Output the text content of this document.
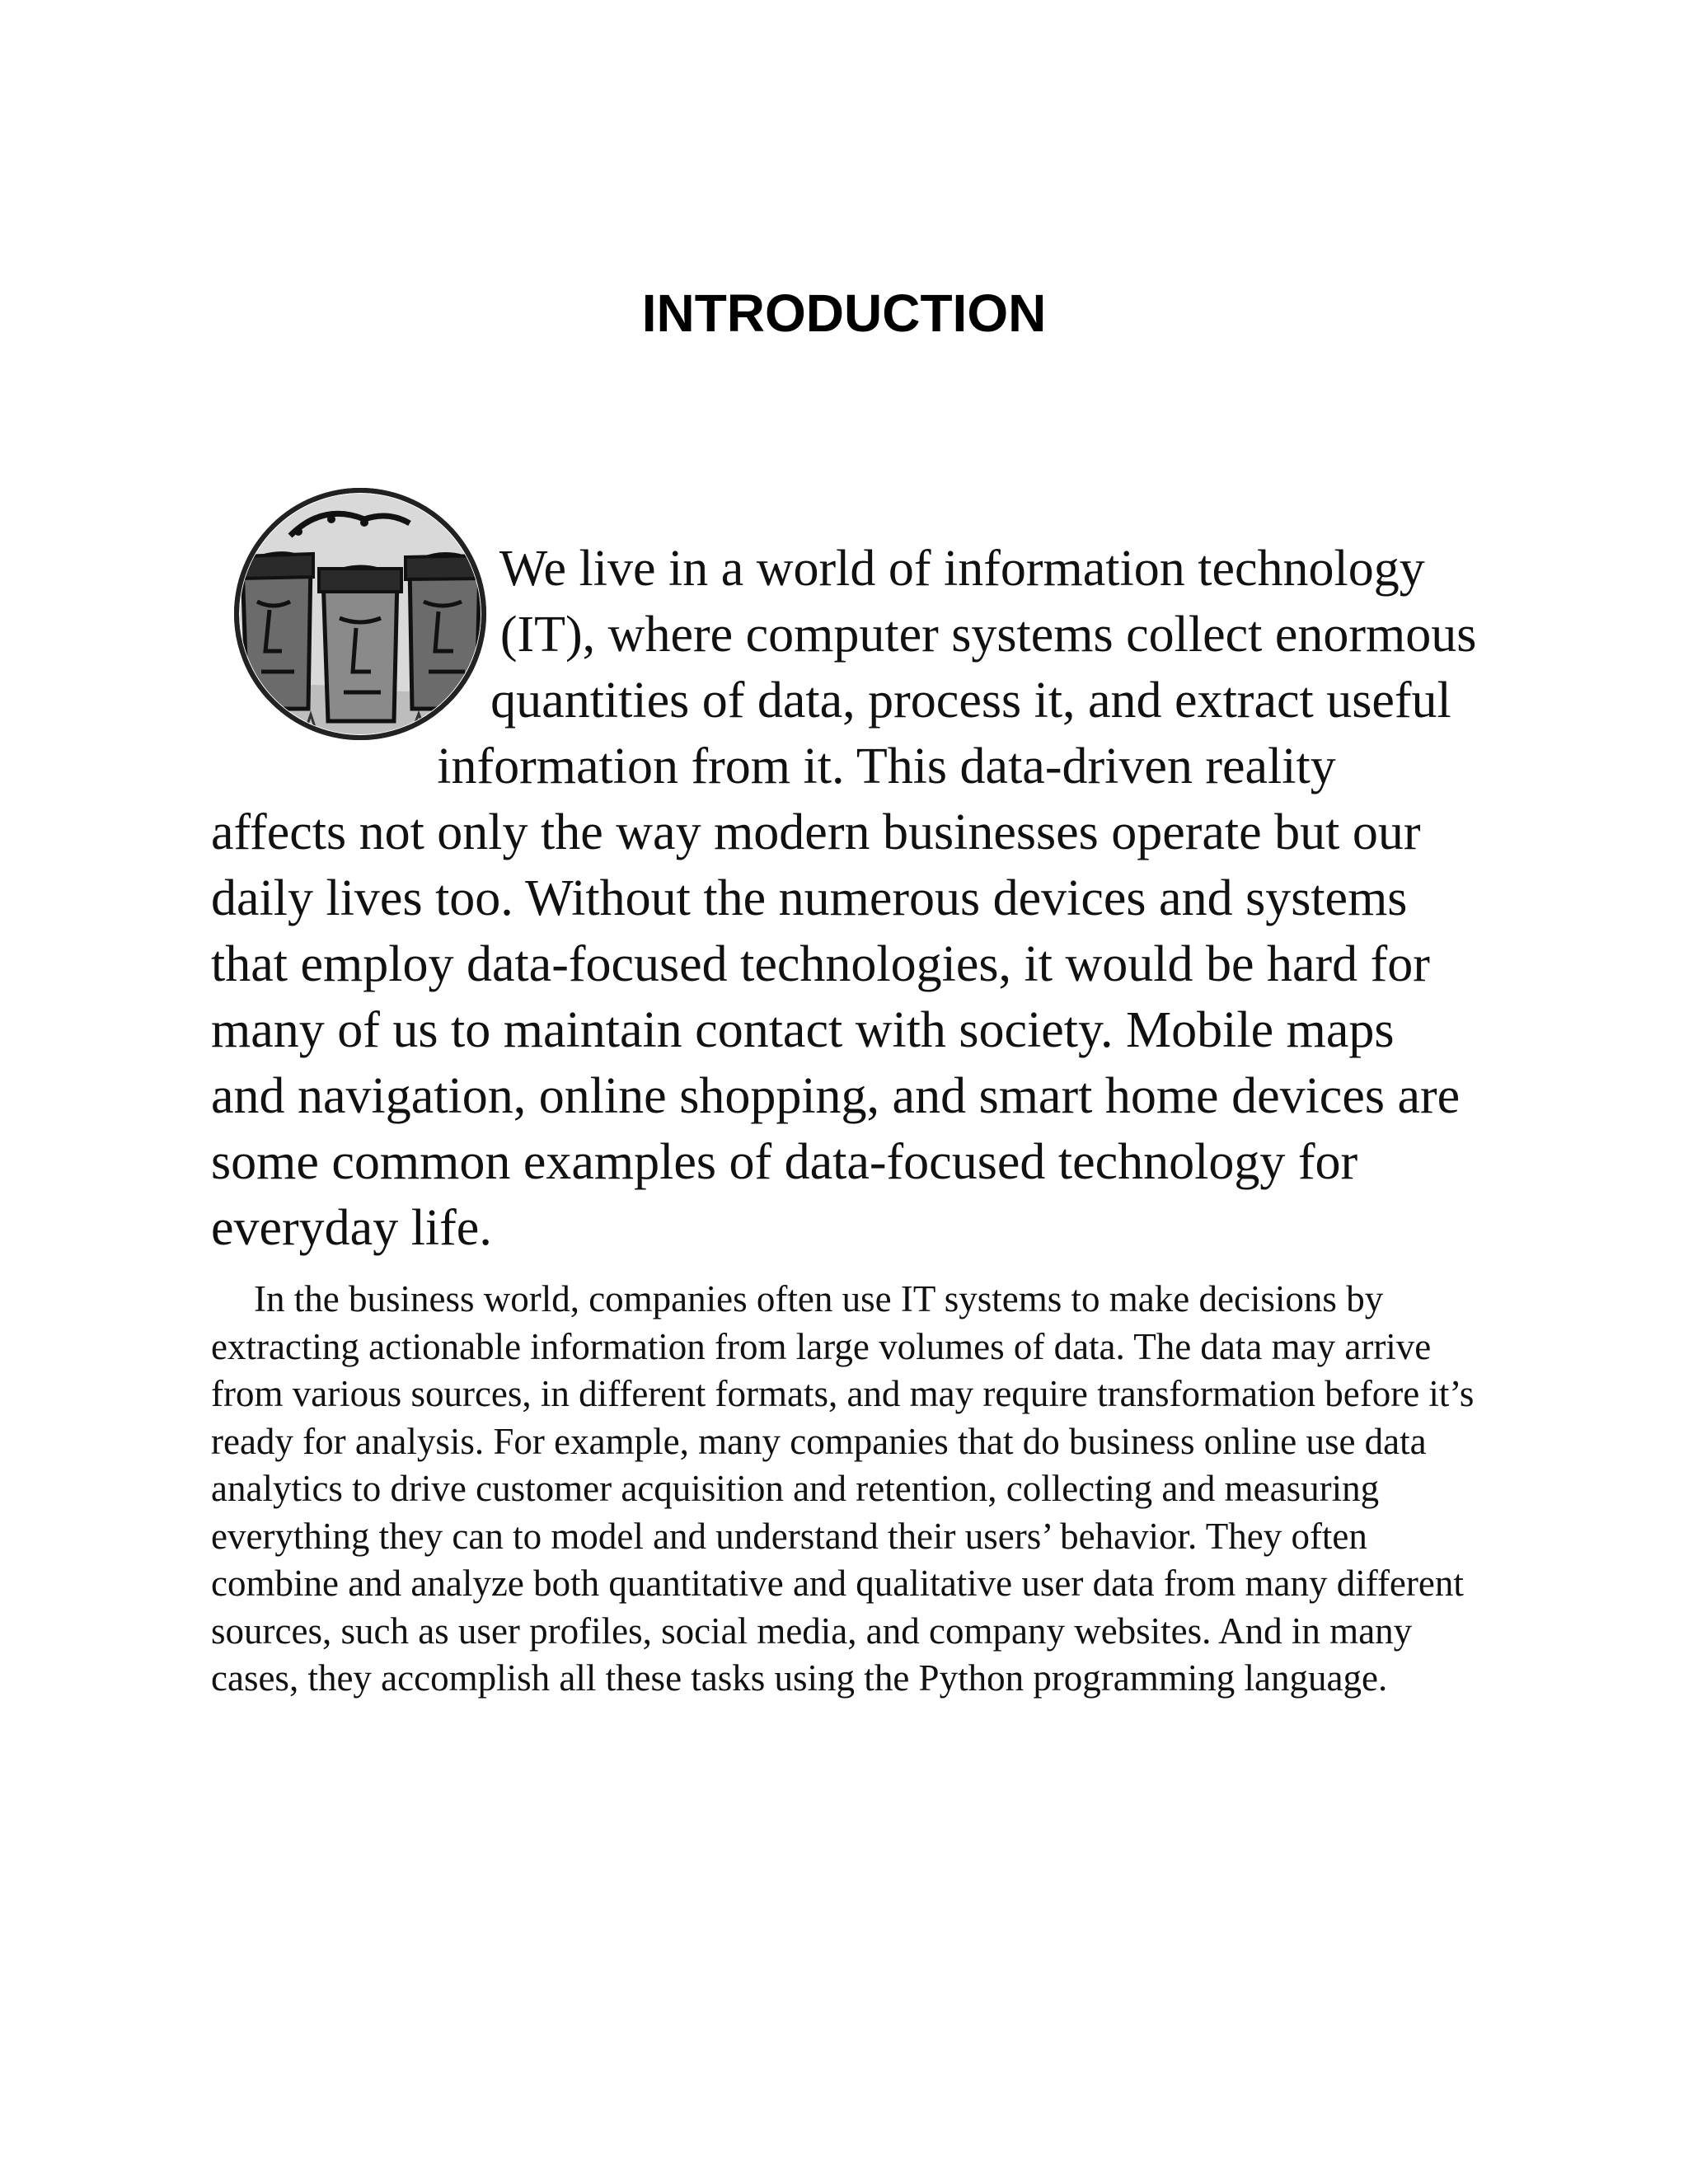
INTRODUCTION

We live in a world of information technology (IT), where computer systems collect enormous quantities of data, process it, and extract useful information from it. This data-driven reality affects not only the way modern businesses operate but our daily lives too. Without the numerous devices and systems that employ data-focused technologies, it would be hard for many of us to maintain contact with society. Mobile maps and navigation, online shopping, and smart home devices are some common examples of data-focused technology for everyday life.

In the business world, companies often use IT systems to make decisions by extracting actionable information from large volumes of data. The data may arrive from various sources, in different formats, and may require transformation before it’s ready for analysis. For example, many companies that do business online use data analytics to drive customer acquisition and retention, collecting and measuring everything they can to model and understand their users’ behavior. They often combine and analyze both quantitative and qualitative user data from many different sources, such as user profiles, social media, and company websites. And in many cases, they accomplish all these tasks using the Python programming language.
